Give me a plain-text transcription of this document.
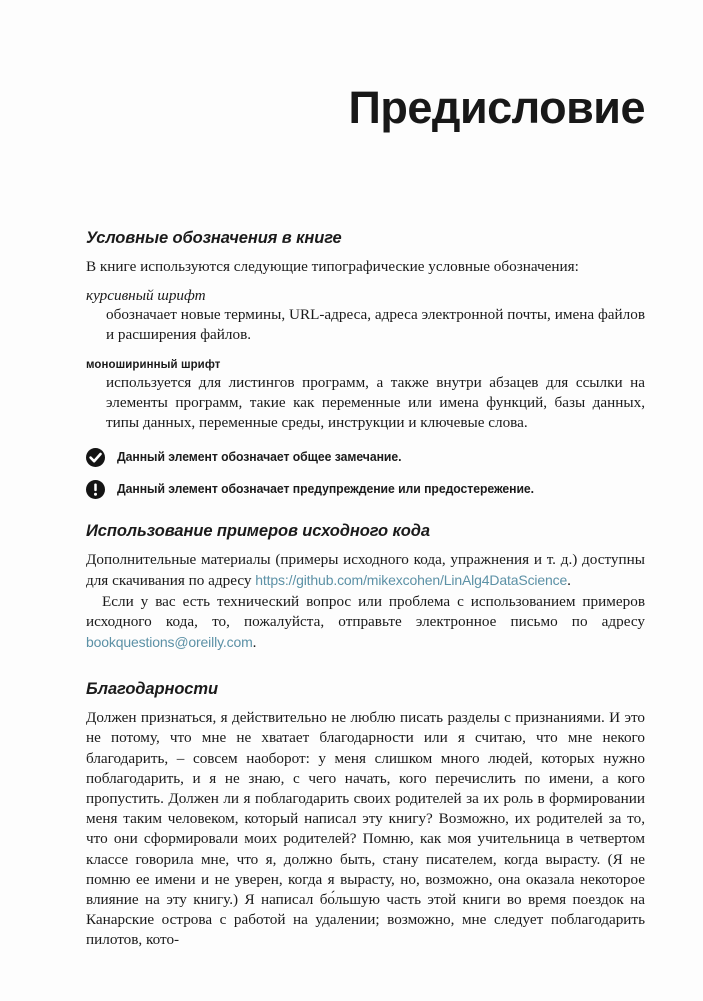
Предисловие
Условные обозначения в книге

В книге используются следующие типографические условные обозначения:

курсивный шрифт
обозначает новые термины, URL-адреса, адреса электронной почты, имена файлов и расширения файлов.
моноширинный шрифт
используется для листингов программ, а также внутри абзацев для ссылки на элементы программ, такие как переменные или имена функций, базы данных, типы данных, переменные среды, инструкции и ключевые слова.
Данный элемент обозначает общее замечание.
Данный элемент обозначает предупреждение или предостережение.
Использование примеров исходного кода

Дополнительные материалы (примеры исходного кода, упражнения и т. д.) доступны для скачивания по адресу https://github.com/mikexcohen/LinAlg4DataScience.

Если у вас есть технический вопрос или проблема с использованием примеров исходного кода, то, пожалуйста, отправьте электронное письмо по адресу bookquestions@oreilly.com.

Благодарности

Должен признаться, я действительно не люблю писать разделы с признаниями. И это не потому, что мне не хватает благодарности или я считаю, что мне некого благодарить, – совсем наоборот: у меня слишком много людей, которых нужно поблагодарить, и я не знаю, с чего начать, кого перечислить по имени, а кого пропустить. Должен ли я поблагодарить своих родителей за их роль в формировании меня таким человеком, который написал эту книгу? Возможно, их родителей за то, что они сформировали моих родителей? Помню, как моя учительница в четвертом классе говорила мне, что я, должно быть, стану писателем, когда вырасту. (Я не помню ее имени и не уверен, когда я вырасту, но, возможно, она оказала некоторое влияние на эту книгу.) Я написал бо́льшую часть этой книги во время поездок на Канарские острова с работой на удалении; возможно, мне следует поблагодарить пилотов, кото-
